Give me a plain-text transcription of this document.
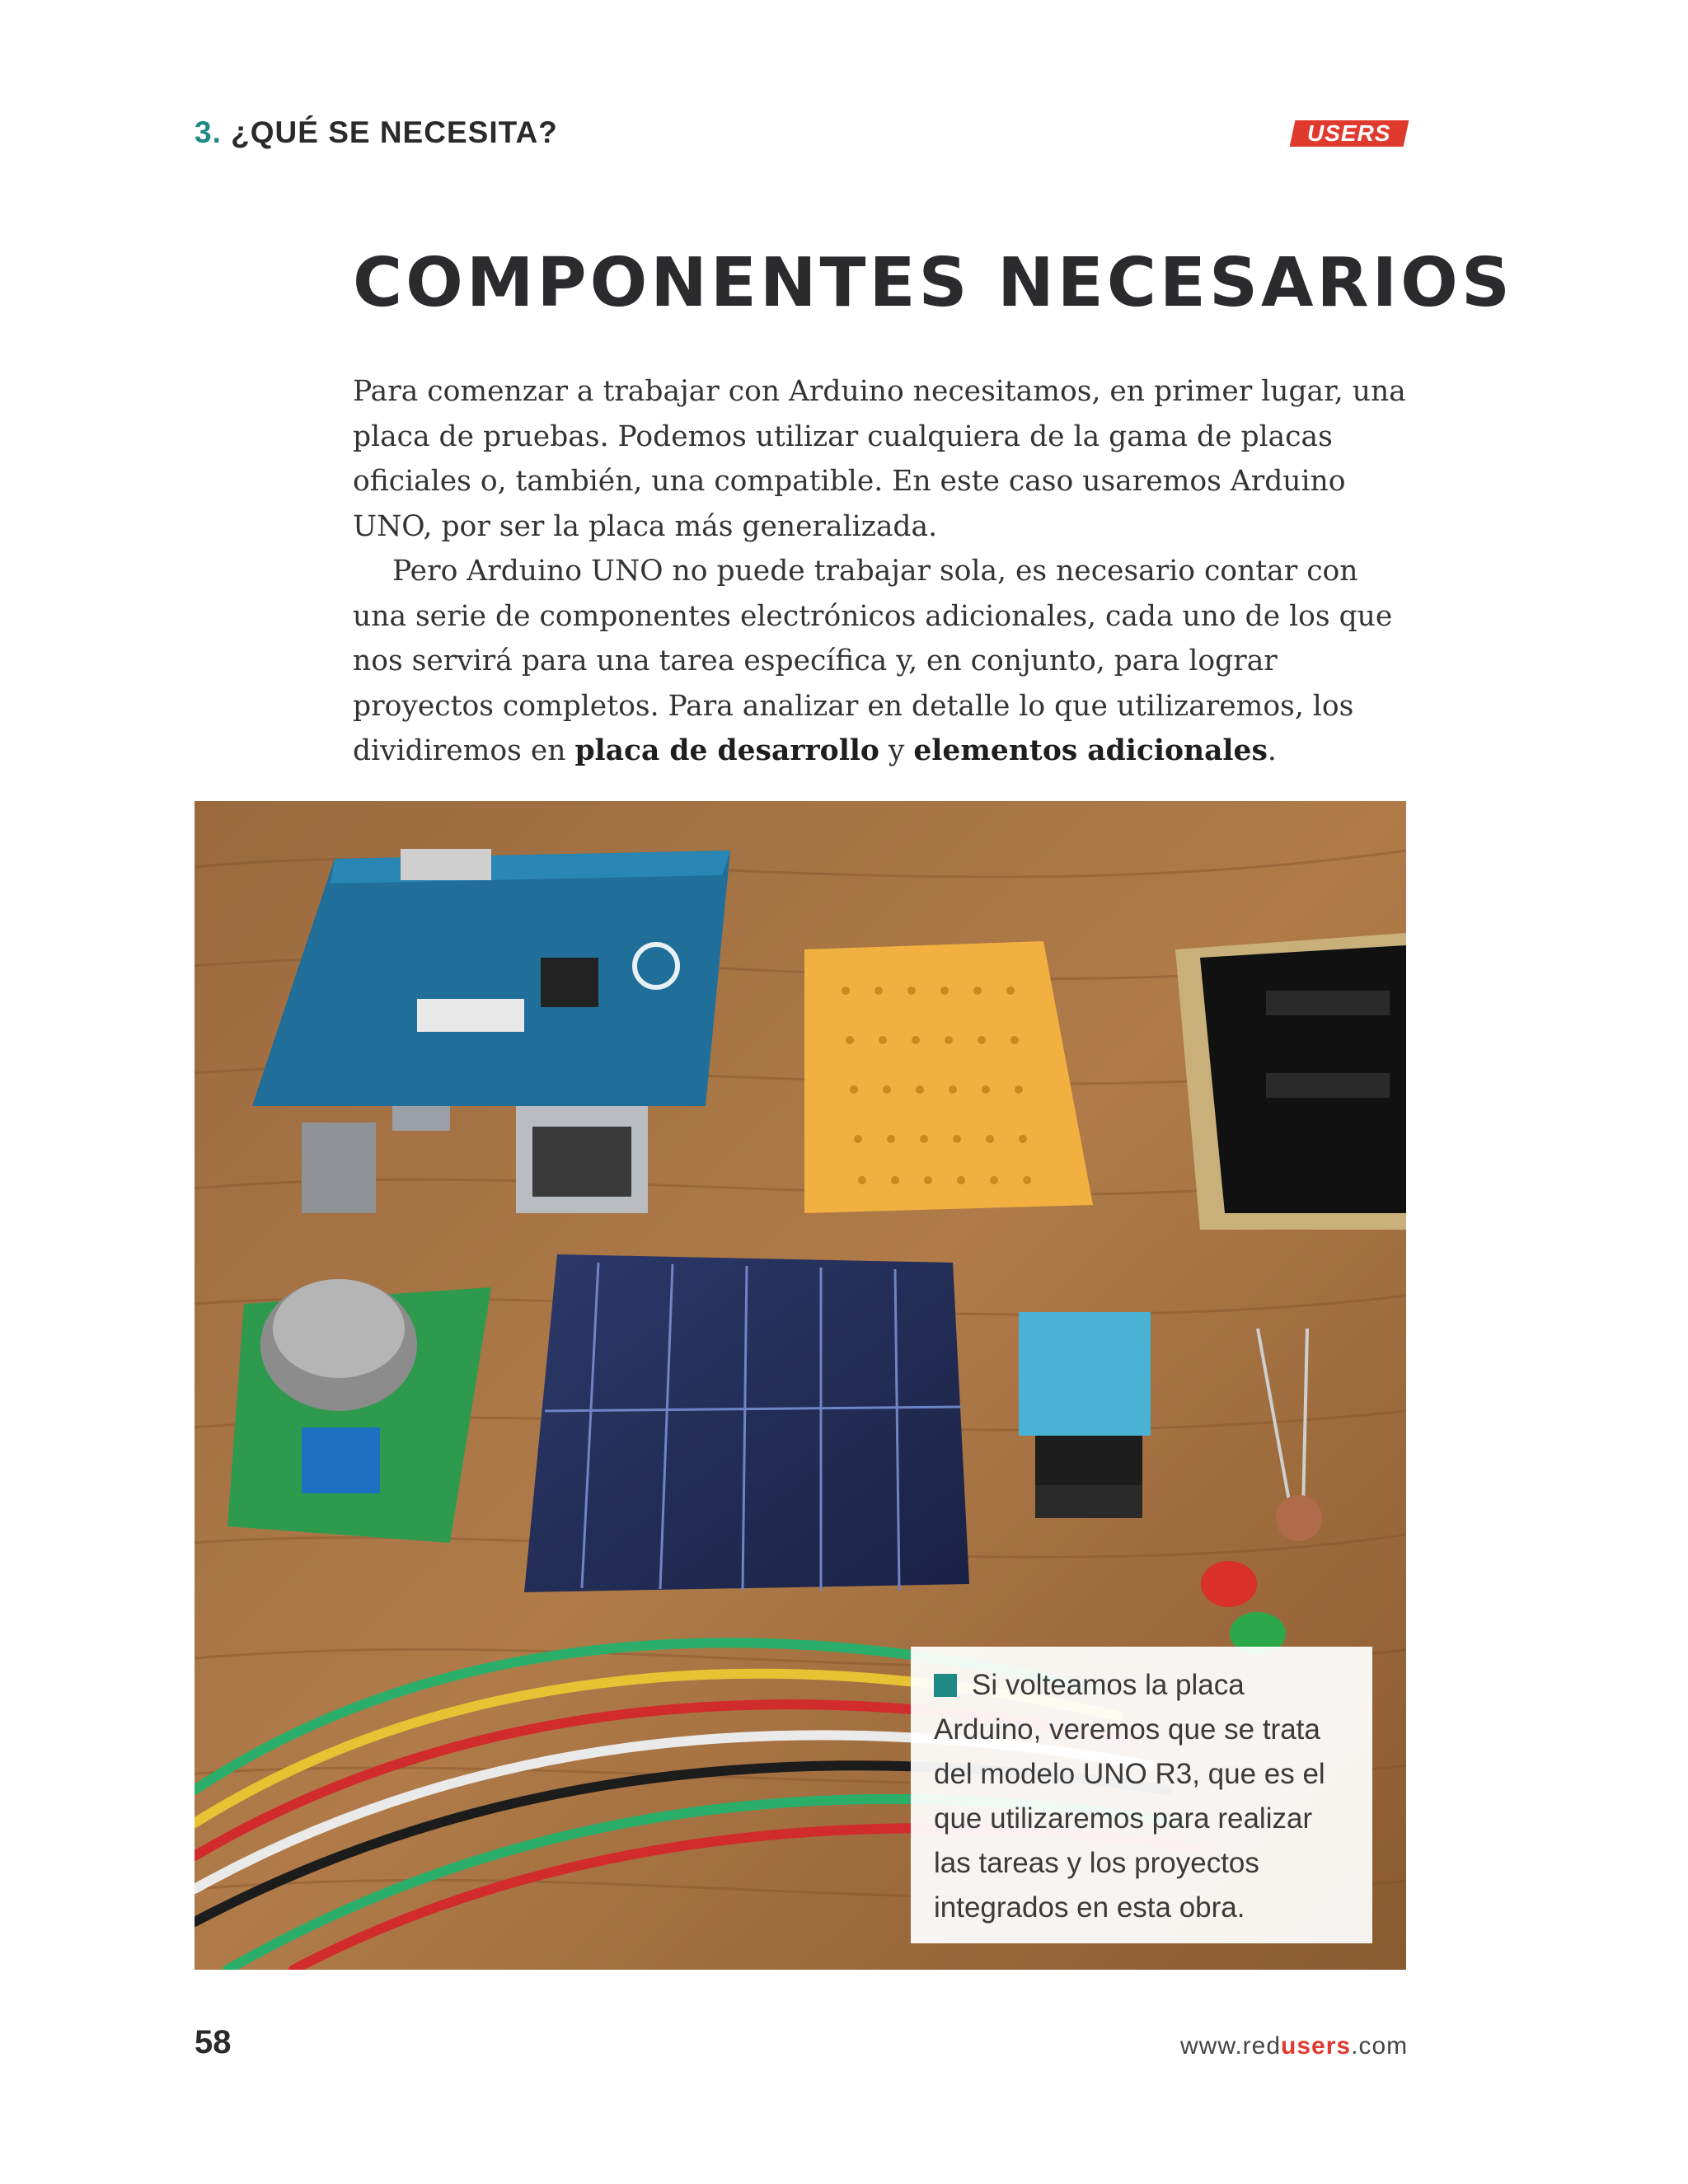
3. ¿QUÉ SE NECESITA?	USERS
COMPONENTES NECESARIOS

Para comenzar a trabajar con Arduino necesitamos, en primer lugar, una placa de pruebas. Podemos utilizar cualquiera de la gama de placas oficiales o, también, una compatible. En este caso usaremos Arduino UNO, por ser la placa más generalizada.

Pero Arduino UNO no puede trabajar sola, es necesario contar con una serie de componentes electrónicos adicionales, cada uno de los que nos servirá para una tarea específica y, en conjunto, para lograr proyectos completos. Para analizar en detalle lo que utilizaremos, los dividiremos en placa de desarrollo y elementos adicionales.

Si volteamos la placa Arduino, veremos que se trata del modelo UNO R3, que es el que utilizaremos para realizar las tareas y los proyectos integrados en esta obra.
58	www.redusers.com
